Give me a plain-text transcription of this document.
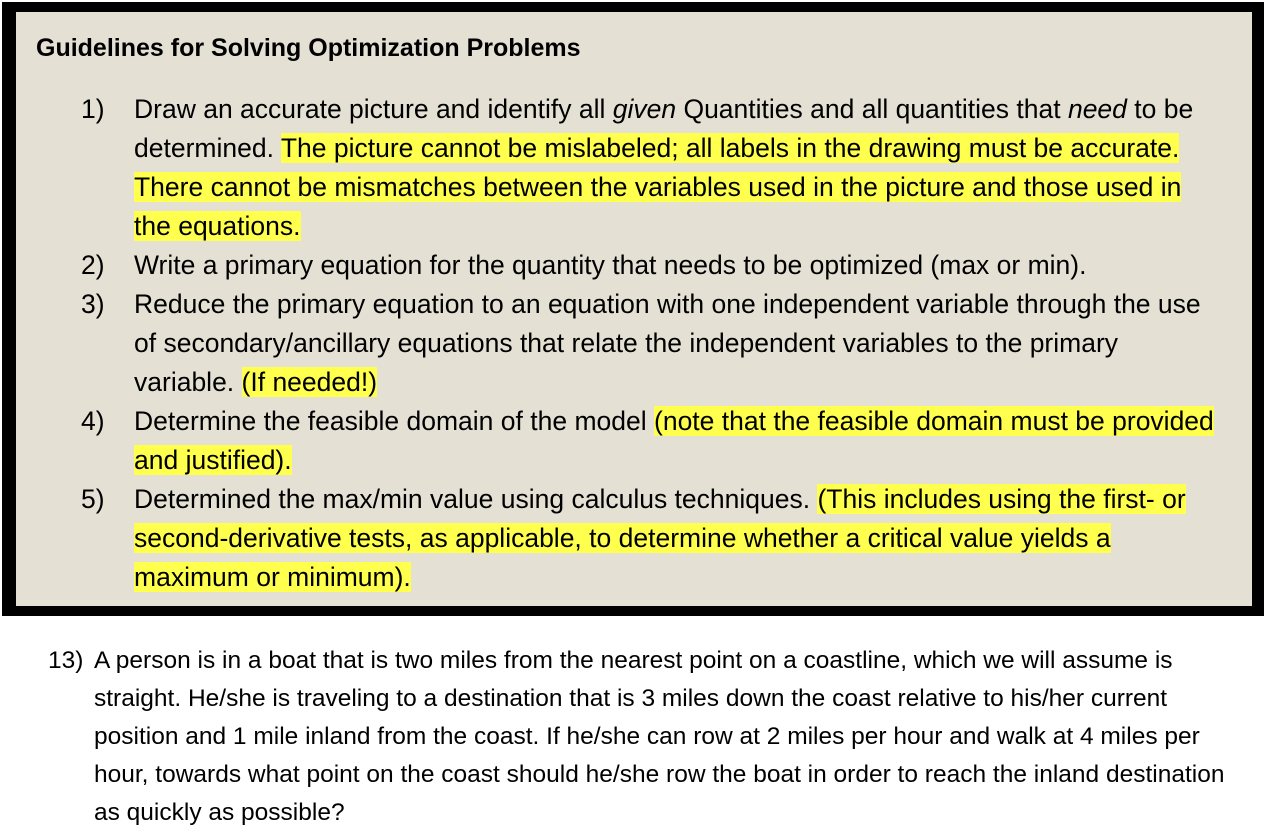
Guidelines for Solving Optimization Problems
1) Draw an accurate picture and identify all given Quantities and all quantities that need to be determined. The picture cannot be mislabeled; all labels in the drawing must be accurate. There cannot be mismatches between the variables used in the picture and those used in the equations.
2) Write a primary equation for the quantity that needs to be optimized (max or min).
3) Reduce the primary equation to an equation with one independent variable through the use of secondary/ancillary equations that relate the independent variables to the primary variable. (If needed!)
4) Determine the feasible domain of the model (note that the feasible domain must be provided and justified).
5) Determined the max/min value using calculus techniques. (This includes using the first- or second-derivative tests, as applicable, to determine whether a critical value yields a maximum or minimum).
13) A person is in a boat that is two miles from the nearest point on a coastline, which we will assume is straight. He/she is traveling to a destination that is 3 miles down the coast relative to his/her current position and 1 mile inland from the coast. If he/she can row at 2 miles per hour and walk at 4 miles per hour, towards what point on the coast should he/she row the boat in order to reach the inland destination as quickly as possible?
